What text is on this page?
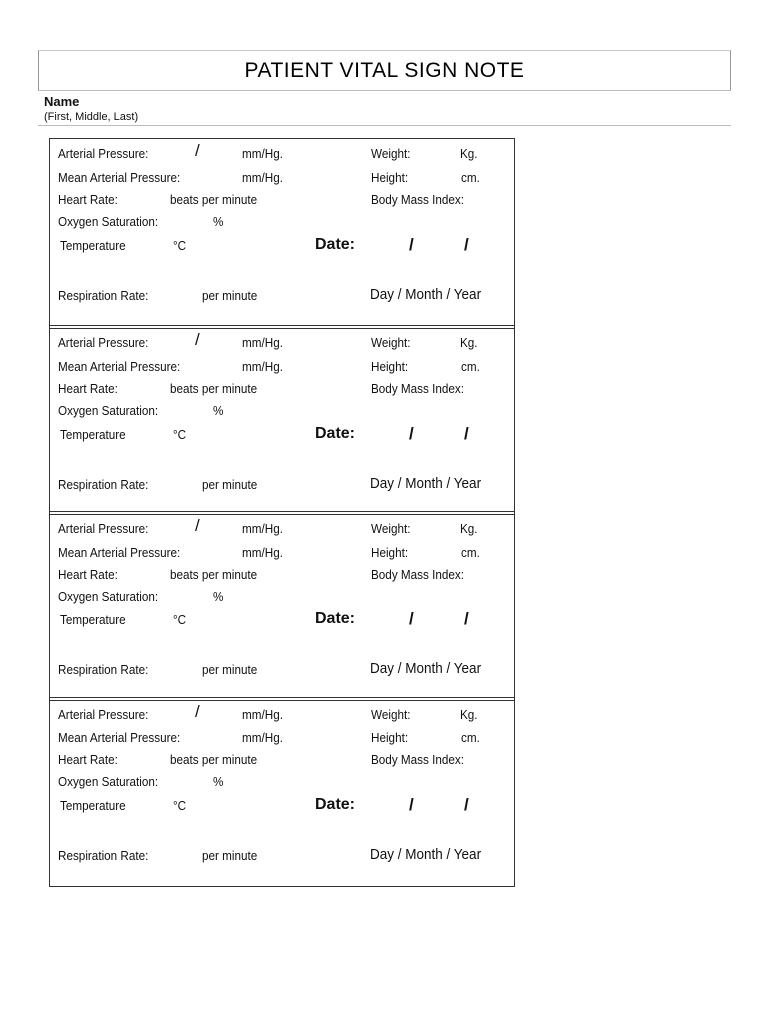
PATIENT VITAL SIGN NOTE
Name
(First, Middle, Last)
Arterial Pressure:	/	mm/Hg.	Weight:	Kg.
Mean Arterial Pressure:	mm/Hg.	Height:	cm.
Heart Rate:	beats per minute	Body Mass Index:
Oxygen Saturation:	%
Temperature	°C	Date:	/	/
Respiration Rate:	per minute	Day / Month / Year
Arterial Pressure:	/	mm/Hg.	Weight:	Kg.
Mean Arterial Pressure:	mm/Hg.	Height:	cm.
Heart Rate:	beats per minute	Body Mass Index:
Oxygen Saturation:	%
Temperature	°C	Date:	/	/
Respiration Rate:	per minute	Day / Month / Year
Arterial Pressure:	/	mm/Hg.	Weight:	Kg.
Mean Arterial Pressure:	mm/Hg.	Height:	cm.
Heart Rate:	beats per minute	Body Mass Index:
Oxygen Saturation:	%
Temperature	°C	Date:	/	/
Respiration Rate:	per minute	Day / Month / Year
Arterial Pressure:	/	mm/Hg.	Weight:	Kg.
Mean Arterial Pressure:	mm/Hg.	Height:	cm.
Heart Rate:	beats per minute	Body Mass Index:
Oxygen Saturation:	%
Temperature	°C	Date:	/	/
Respiration Rate:	per minute	Day / Month / Year
